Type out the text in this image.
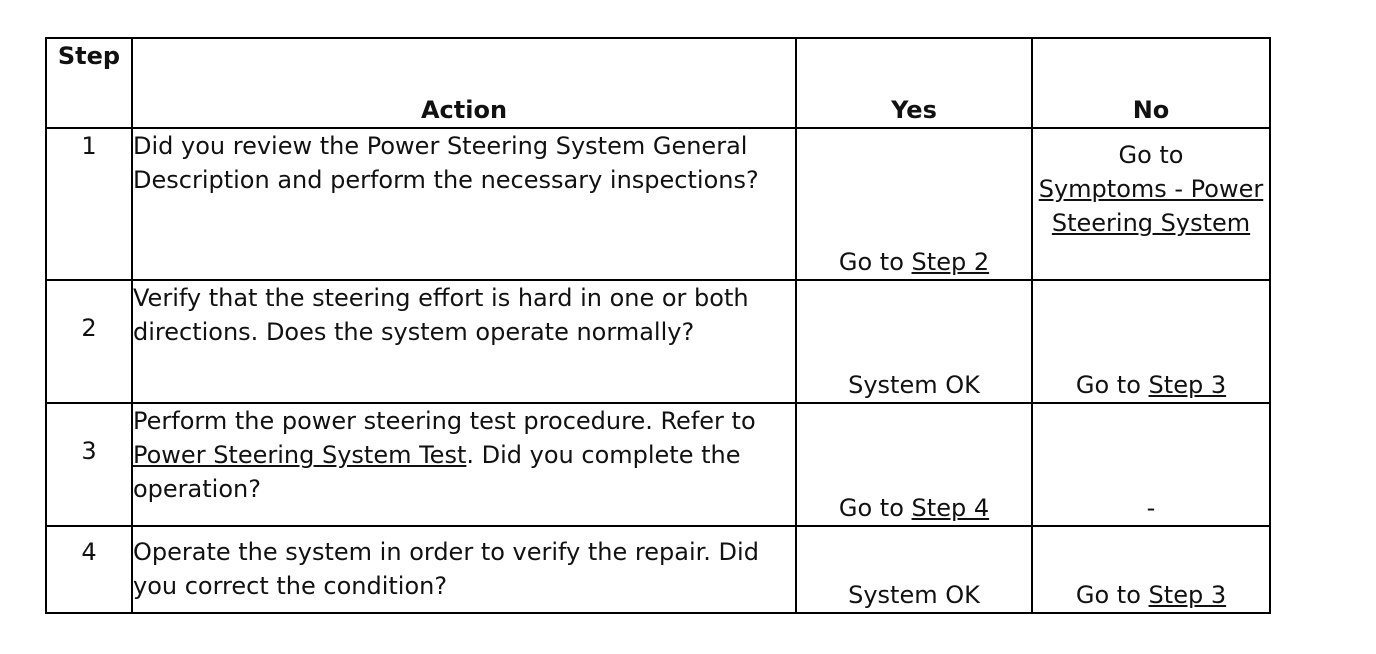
Step	Action	Yes	No
1	Did you review the Power Steering System General Description and perform the necessary inspections?	Go to Step 2	Go to
Symptoms - Power Steering System
2	Verify that the steering effort is hard in one or both directions. Does the system operate normally?	System OK	Go to Step 3
3	Perform the power steering test procedure. Refer to Power Steering System Test. Did you complete the operation?	Go to Step 4	-
4	Operate the system in order to verify the repair. Did you correct the condition?	System OK	Go to Step 3
